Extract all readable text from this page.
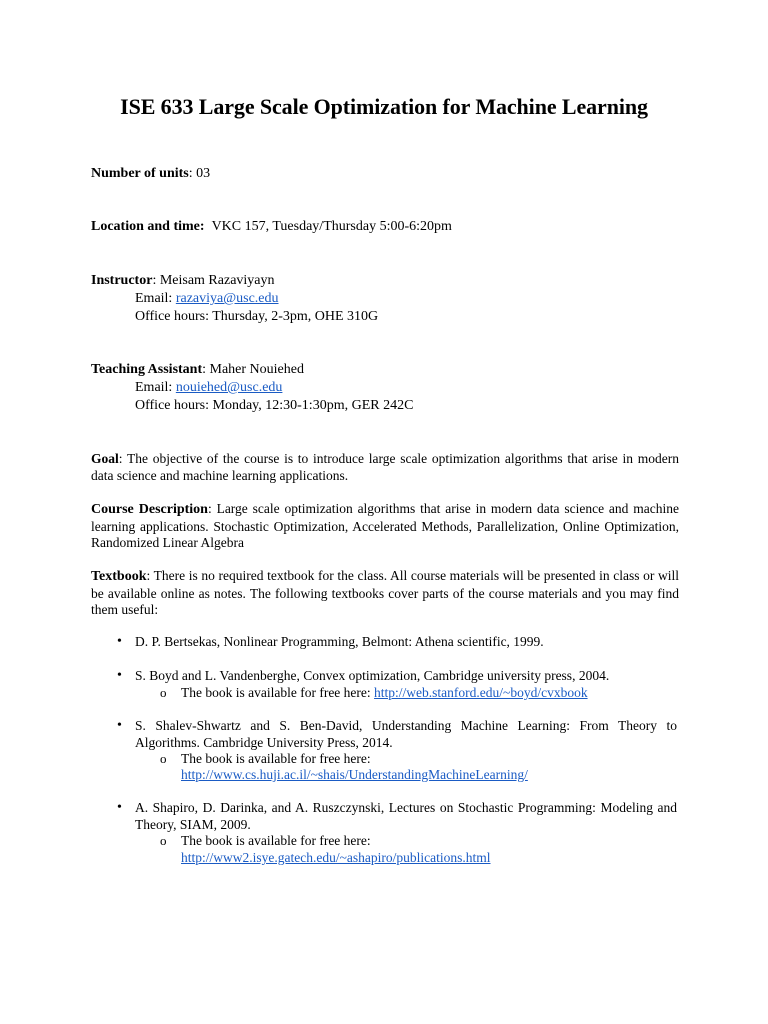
ISE 633 Large Scale Optimization for Machine Learning
Number of units: 03
Location and time: VKC 157, Tuesday/Thursday 5:00-6:20pm
Instructor: Meisam Razaviyayn
Email: razaviya@usc.edu
Office hours: Thursday, 2-3pm, OHE 310G
Teaching Assistant: Maher Nouiehed
Email: nouiehed@usc.edu
Office hours: Monday, 12:30-1:30pm, GER 242C
Goal: The objective of the course is to introduce large scale optimization algorithms that arise in modern data science and machine learning applications.
Course Description: Large scale optimization algorithms that arise in modern data science and machine learning applications. Stochastic Optimization, Accelerated Methods, Parallelization, Online Optimization, Randomized Linear Algebra
Textbook: There is no required textbook for the class. All course materials will be presented in class or will be available online as notes. The following textbooks cover parts of the course materials and you may find them useful:
• D. P. Bertsekas, Nonlinear Programming, Belmont: Athena scientific, 1999.
• S. Boyd and L. Vandenberghe, Convex optimization, Cambridge university press, 2004.
o The book is available for free here: http://web.stanford.edu/~boyd/cvxbook
• S. Shalev-Shwartz and S. Ben-David, Understanding Machine Learning: From Theory to Algorithms. Cambridge University Press, 2014.
o The book is available for free here:
http://www.cs.huji.ac.il/~shais/UnderstandingMachineLearning/
• A. Shapiro, D. Darinka, and A. Ruszczynski, Lectures on Stochastic Programming: Modeling and Theory, SIAM, 2009.
o The book is available for free here:
http://www2.isye.gatech.edu/~ashapiro/publications.html
